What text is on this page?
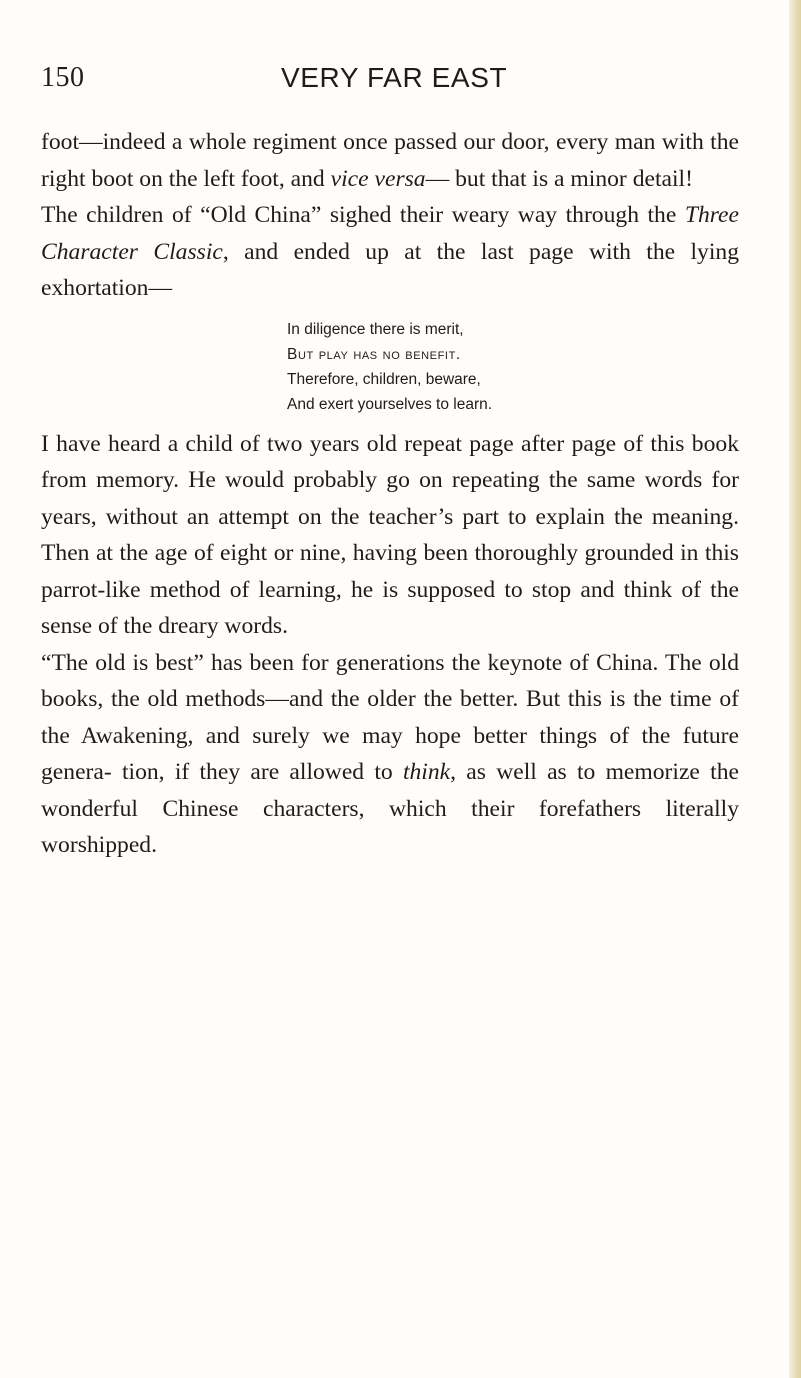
150	VERY FAR EAST

foot—indeed a whole regiment once passed our door, every man with the right boot on the left foot, and vice versa— but that is a minor detail!

The children of “Old China” sighed their weary way through the Three Character Classic, and ended up at the last page with the lying exhortation—

In diligence there is merit,
But play has no benefit.
Therefore, children, beware,
And exert yourselves to learn.

I have heard a child of two years old repeat page after page of this book from memory. He would probably go on repeating the same words for years, without an attempt on the teacher’s part to explain the meaning. Then at the age of eight or nine, having been thoroughly grounded in this parrot-like method of learning, he is supposed to stop and think of the sense of the dreary words.

“The old is best” has been for generations the keynote of China. The old books, the old methods—and the older the better. But this is the time of the Awakening, and surely we may hope better things of the future genera- tion, if they are allowed to think, as well as to memorize the wonderful Chinese characters, which their forefathers literally worshipped.
